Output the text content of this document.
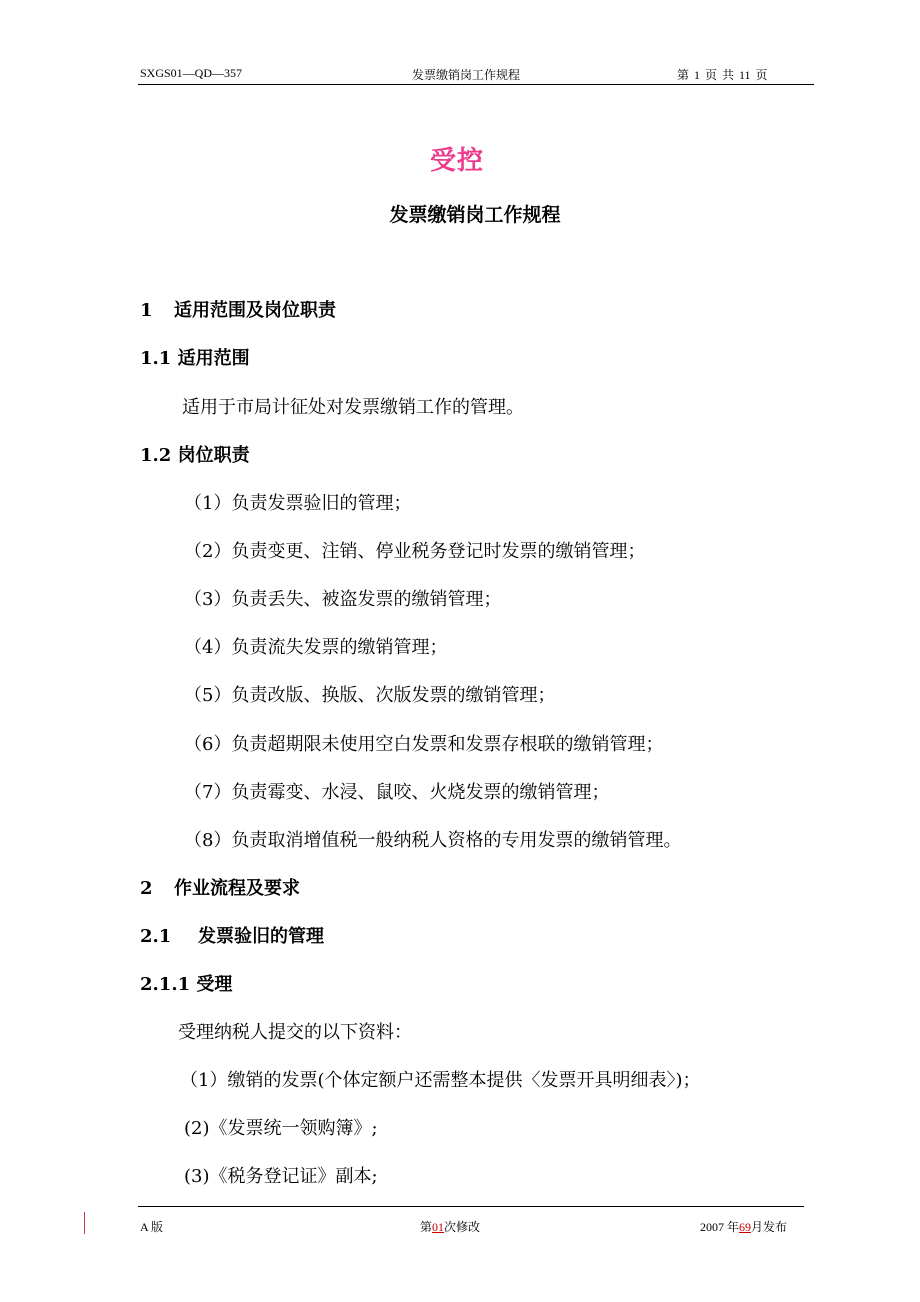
SXGS01—QD—357	发票缴销岗工作规程	第 1 页 共 11 页
受控
发票缴销岗工作规程
1 适用范围及岗位职责
1.1 适用范围
适用于市局计征处对发票缴销工作的管理。
1.2 岗位职责
（1）负责发票验旧的管理；
（2）负责变更、注销、停业税务登记时发票的缴销管理；
（3）负责丢失、被盗发票的缴销管理；
（4）负责流失发票的缴销管理；
（5）负责改版、换版、次版发票的缴销管理；
（6）负责超期限未使用空白发票和发票存根联的缴销管理；
（7）负责霉变、水浸、鼠咬、火烧发票的缴销管理；
（8）负责取消增值税一般纳税人资格的专用发票的缴销管理。
2 作业流程及要求
2.1 发票验旧的管理
2.1.1 受理
受理纳税人提交的以下资料：
（1）缴销的发票(个体定额户还需整本提供〈发票开具明细表〉)；
(2)《发票统一领购簿》;
(3)《税务登记证》副本;
A 版	第01次修改	2007 年69月发布
